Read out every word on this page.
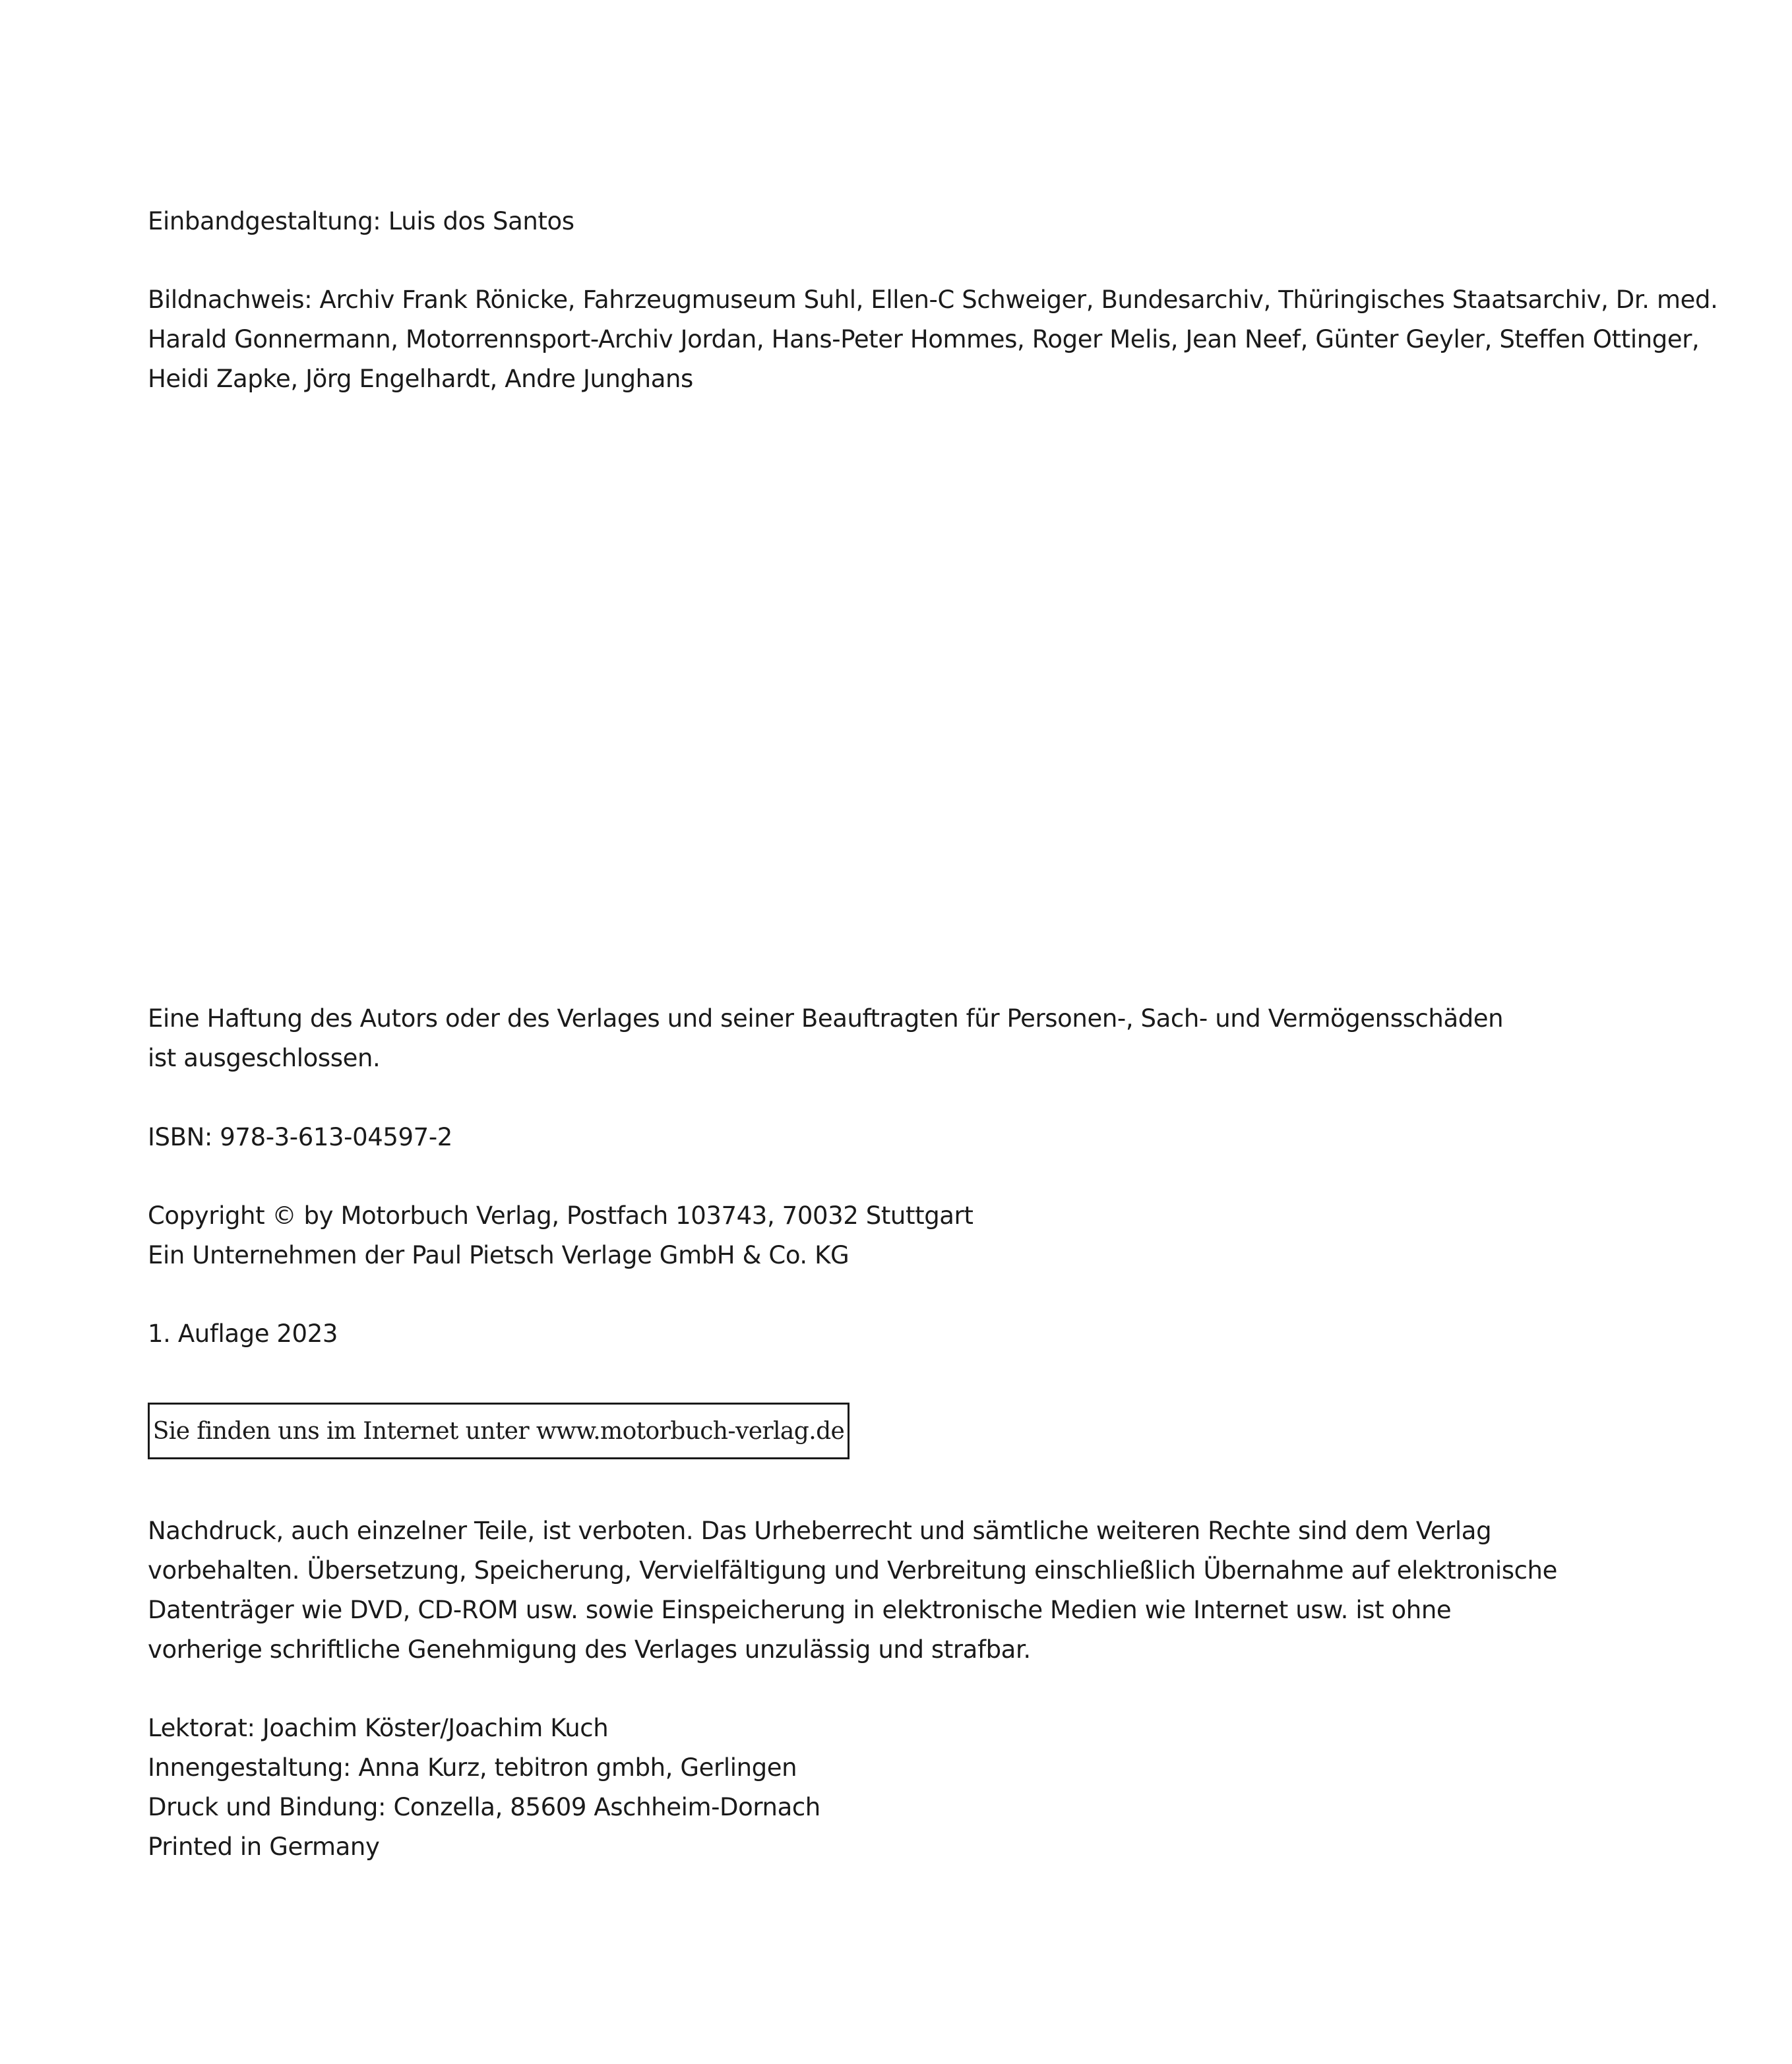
Einbandgestaltung: Luis dos Santos
Bildnachweis: Archiv Frank Rönicke, Fahrzeugmuseum Suhl, Ellen-C Schweiger, Bundesarchiv, Thüringisches Staatsarchiv, Dr. med.
Harald Gonnermann, Motorrennsport-Archiv Jordan, Hans-Peter Hommes, Roger Melis, Jean Neef, Günter Geyler, Steffen Ottinger,
Heidi Zapke, Jörg Engelhardt, Andre Junghans
Eine Haftung des Autors oder des Verlages und seiner Beauftragten für Personen-, Sach- und Vermögensschäden
ist ausgeschlossen.
ISBN: 978-3-613-04597-2
Copyright © by Motorbuch Verlag, Postfach 103743, 70032 Stuttgart
Ein Unternehmen der Paul Pietsch Verlage GmbH & Co. KG
1. Auflage 2023
Sie finden uns im Internet unter www.motorbuch-verlag.de
Nachdruck, auch einzelner Teile, ist verboten. Das Urheberrecht und sämtliche weiteren Rechte sind dem Verlag
vorbehalten. Übersetzung, Speicherung, Vervielfältigung und Verbreitung einschließlich Übernahme auf elektronische
Datenträger wie DVD, CD-ROM usw. sowie Einspeicherung in elektronische Medien wie Internet usw. ist ohne
vorherige schriftliche Genehmigung des Verlages unzulässig und strafbar.
Lektorat: Joachim Köster/Joachim Kuch
Innengestaltung: Anna Kurz, tebitron gmbh, Gerlingen
Druck und Bindung: Conzella, 85609 Aschheim-Dornach
Printed in Germany
